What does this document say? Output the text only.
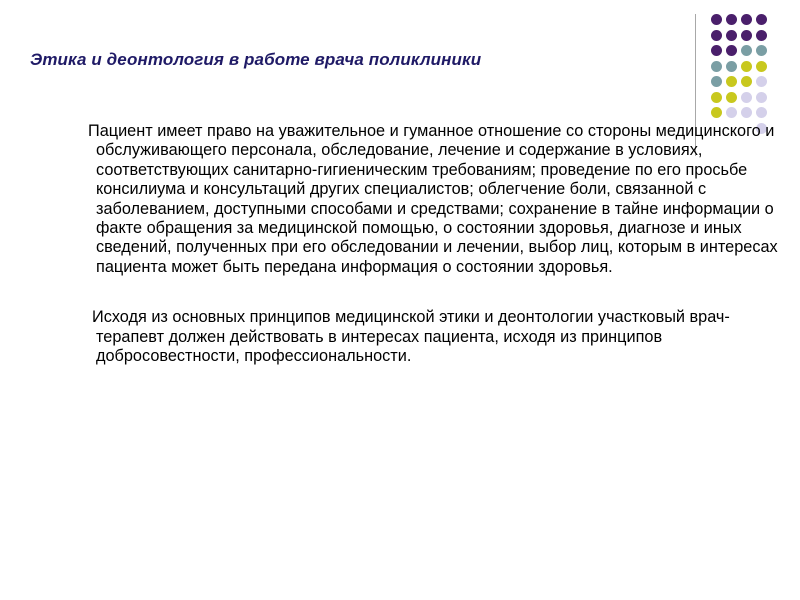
Этика и деонтология в работе врача поликлиники

Пациент имеет право на уважительное и гуманное отношение со стороны медицинского и обслуживающего персонала, обследование, лечение и содержание в условиях, соответствующих санитарно-гигиеническим требованиям; проведение по его просьбе консилиума и консультаций других специалистов; облегчение боли, связанной с заболеванием, доступными способами и средствами; сохранение в тайне информации о факте обращения за медицинской помощью, о состоянии здоровья, диагнозе и иных сведений, полученных при его обследовании и лечении, выбор лиц, которым в интересах пациента может быть передана информация о состоянии здоровья.

Исходя из основных принципов медицинской этики и деонтологии участковый врач-терапевт должен действовать в интересах пациента, исходя из принципов добросовестности, профессиональности.
